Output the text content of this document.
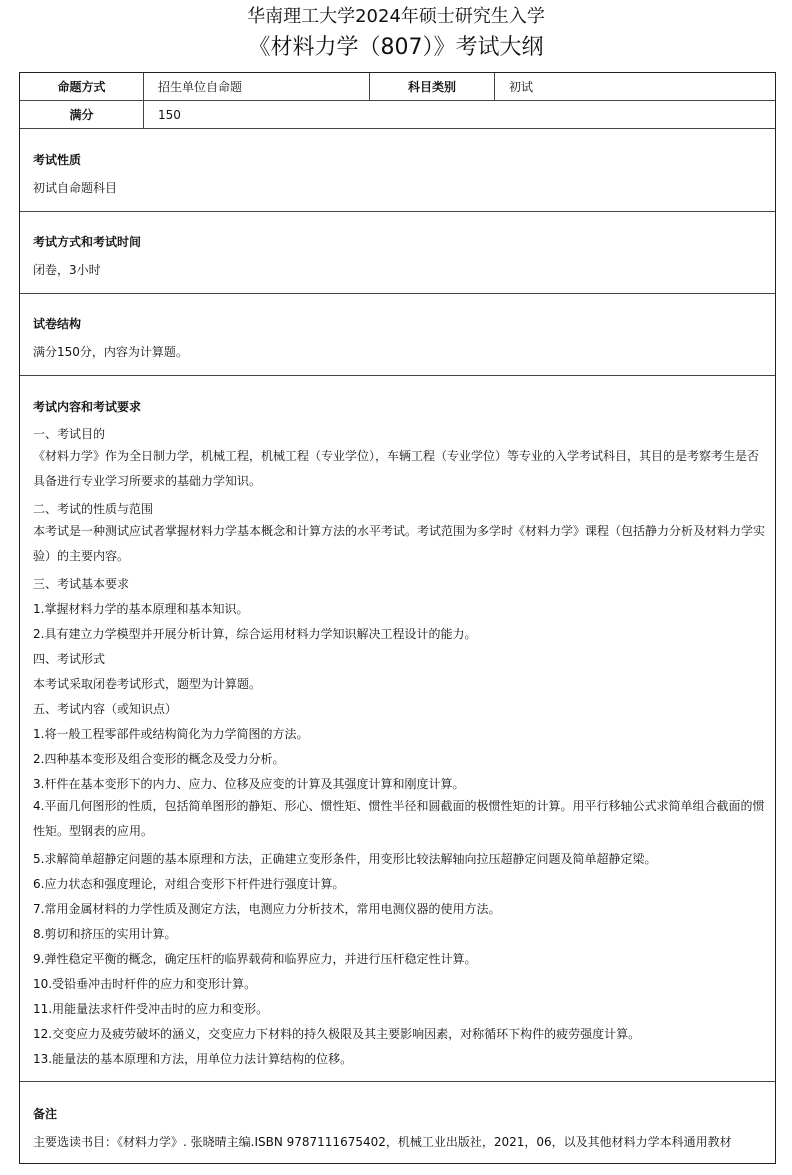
华南理工大学2024年硕士研究生入学
《材料力学（807）》考试大纲
命题方式	招生单位自命题	科目类别	初试
满分	150
考试性质
初试自命题科目
考试方式和考试时间
闭卷，3小时
试卷结构
满分150分，内容为计算题。
考试内容和考试要求
一、考试目的
《材料力学》作为全日制力学，机械工程，机械工程（专业学位），车辆工程（专业学位）等专业的入学考试科目，其目的是考察考生是否具备进行专业学习所要求的基础力学知识。
二、考试的性质与范围
本考试是一种测试应试者掌握材料力学基本概念和计算方法的水平考试。考试范围为多学时《材料力学》课程（包括静力分析及材料力学实验）的主要内容。
三、考试基本要求
1.掌握材料力学的基本原理和基本知识。
2.具有建立力学模型并开展分析计算，综合运用材料力学知识解决工程设计的能力。
四、考试形式
本考试采取闭卷考试形式，题型为计算题。
五、考试内容（或知识点）
1.将一般工程零部件或结构简化为力学简图的方法。
2.四种基本变形及组合变形的概念及受力分析。
3.杆件在基本变形下的内力、应力、位移及应变的计算及其强度计算和刚度计算。
4.平面几何图形的性质，包括简单图形的静矩、形心、惯性矩、惯性半径和圆截面的极惯性矩的计算。用平行移轴公式求简单组合截面的惯性矩。型钢表的应用。
5.求解简单超静定问题的基本原理和方法，正确建立变形条件，用变形比较法解轴向拉压超静定问题及简单超静定梁。
6.应力状态和强度理论，对组合变形下杆件进行强度计算。
7.常用金属材料的力学性质及测定方法，电测应力分析技术，常用电测仪器的使用方法。
8.剪切和挤压的实用计算。
9.弹性稳定平衡的概念，确定压杆的临界载荷和临界应力，并进行压杆稳定性计算。
10.受铅垂冲击时杆件的应力和变形计算。
11.用能量法求杆件受冲击时的应力和变形。
12.交变应力及疲劳破坏的涵义，交变应力下材料的持久极限及其主要影响因素，对称循环下构件的疲劳强度计算。
13.能量法的基本原理和方法，用单位力法计算结构的位移。
备注
主要选读书目：《材料力学》. 张晓晴主编.ISBN 9787111675402，机械工业出版社，2021，06，以及其他材料力学本科通用教材
